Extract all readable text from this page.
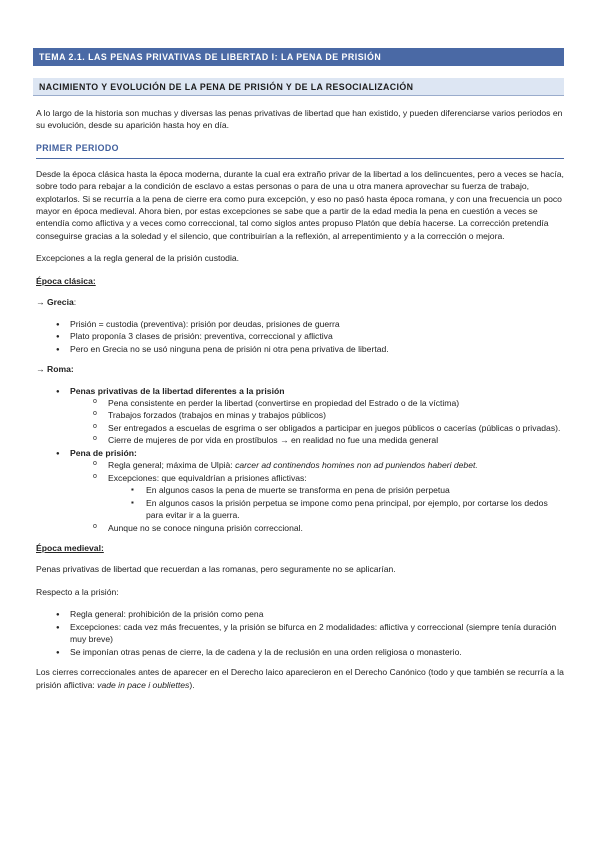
TEMA 2.1. LAS PENAS PRIVATIVAS DE LIBERTAD I: LA PENA DE PRISIÓN
NACIMIENTO Y EVOLUCIÓN DE LA PENA DE PRISIÓN Y DE LA RESOCIALIZACIÓN

A lo largo de la historia son muchas y diversas las penas privativas de libertad que han existido, y pueden diferenciarse varios periodos en su evolución, desde su aparición hasta hoy en día.

PRIMER PERIODO

Desde la época clásica hasta la época moderna, durante la cual era extraño privar de la libertad a los delincuentes, pero a veces se hacía, sobre todo para rebajar a la condición de esclavo a estas personas o para de una u otra manera aprovechar su fuerza de trabajo, explotarlos. Si se recurría a la pena de cierre era como pura excepción, y eso no pasó hasta época romana, y con una frecuencia un poco mayor en época medieval. Ahora bien, por estas excepciones se sabe que a partir de la edad media la pena en cuestión a veces se entendía como aflictiva y a veces como correccional, tal como siglos antes propuso Platón que debía hacerse. La corrección pretendía conseguirse gracias a la soledad y el silencio, que contribuirían a la reflexión, al arrepentimiento y a la corrección o mejora.

Excepciones a la regla general de la prisión custodia.

Época clásica:

→ Grecia:

● Prisión = custodia (preventiva): prisión por deudas, prisiones de guerra
● Plato proponía 3 clases de prisión: preventiva, correccional y aflictiva
● Pero en Grecia no se usó ninguna pena de prisión ni otra pena privativa de libertad.

→ Roma:

● Penas privativas de la libertad diferentes a la prisión
o Pena consistente en perder la libertad (convertirse en propiedad del Estrado o de la víctima)
o Trabajos forzados (trabajos en minas y trabajos públicos)
o Ser entregados a escuelas de esgrima o ser obligados a participar en juegos públicos o cacerías (públicas o privadas).
o Cierre de mujeres de por vida en prostíbulos → en realidad no fue una medida general
● Pena de prisión:
o Regla general; máxima de Ulpià: carcer ad continendos homines non ad puniendos haberi debet.
o Excepciones: que equivaldrían a prisiones aflictivas:
▪ En algunos casos la pena de muerte se transforma en pena de prisión perpetua
▪ En algunos casos la prisión perpetua se impone como pena principal, por ejemplo, por cortarse los dedos para evitar ir a la guerra.
o Aunque no se conoce ninguna prisión correccional.

Época medieval:

Penas privativas de libertad que recuerdan a las romanas, pero seguramente no se aplicarían.

Respecto a la prisión:

● Regla general: prohibición de la prisión como pena
● Excepciones: cada vez más frecuentes, y la prisión se bifurca en 2 modalidades: aflictiva y correccional (siempre tenía duración muy breve)
● Se imponían otras penas de cierre, la de cadena y la de reclusión en una orden religiosa o monasterio.

Los cierres correccionales antes de aparecer en el Derecho laico aparecieron en el Derecho Canónico (todo y que también se recurría a la prisión aflictiva: vade in pace i oubliettes).
